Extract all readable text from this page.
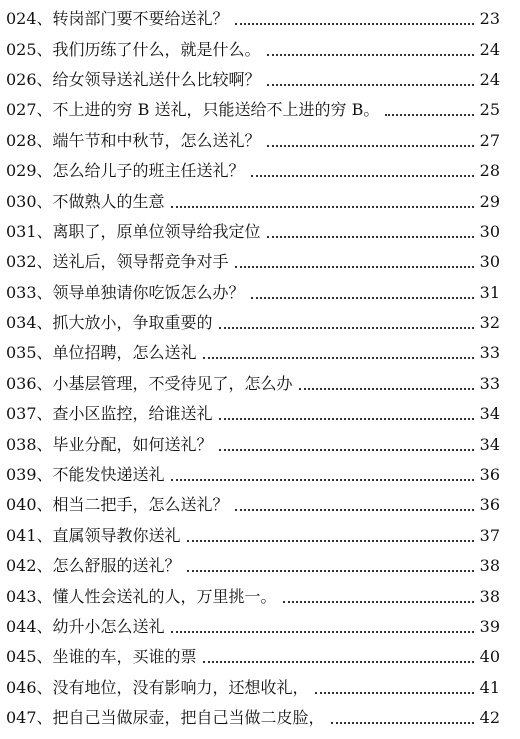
024、 转岗部门要不要给送礼？	23
025、 我们历练了什么，就是什么。	24
026、 给女领导送礼送什么比较啊？	24
027、 不上进的穷 B 送礼，只能送给不上进的穷 B。	25
028、 端午节和中秋节，怎么送礼？	27
029、 怎么给儿子的班主任送礼？	28
030、 不做熟人的生意	29
031、 离职了，原单位领导给我定位	30
032、 送礼后，领导帮竞争对手	30
033、 领导单独请你吃饭怎么办？	31
034、 抓大放小，争取重要的	32
035、 单位招聘，怎么送礼	33
036、 小基层管理，不受待见了，怎么办	33
037、 查小区监控，给谁送礼	34
038、 毕业分配，如何送礼？	34
039、 不能发快递送礼	36
040、 相当二把手，怎么送礼？	36
041、 直属领导教你送礼	37
042、 怎么舒服的送礼？	38
043、 懂人性会送礼的人，万里挑一。	38
044、 幼升小怎么送礼	39
045、 坐谁的车，买谁的票	40
046、 没有地位，没有影响力，还想收礼，	41
047、 把自己当做尿壶，把自己当做二皮脸，	42
